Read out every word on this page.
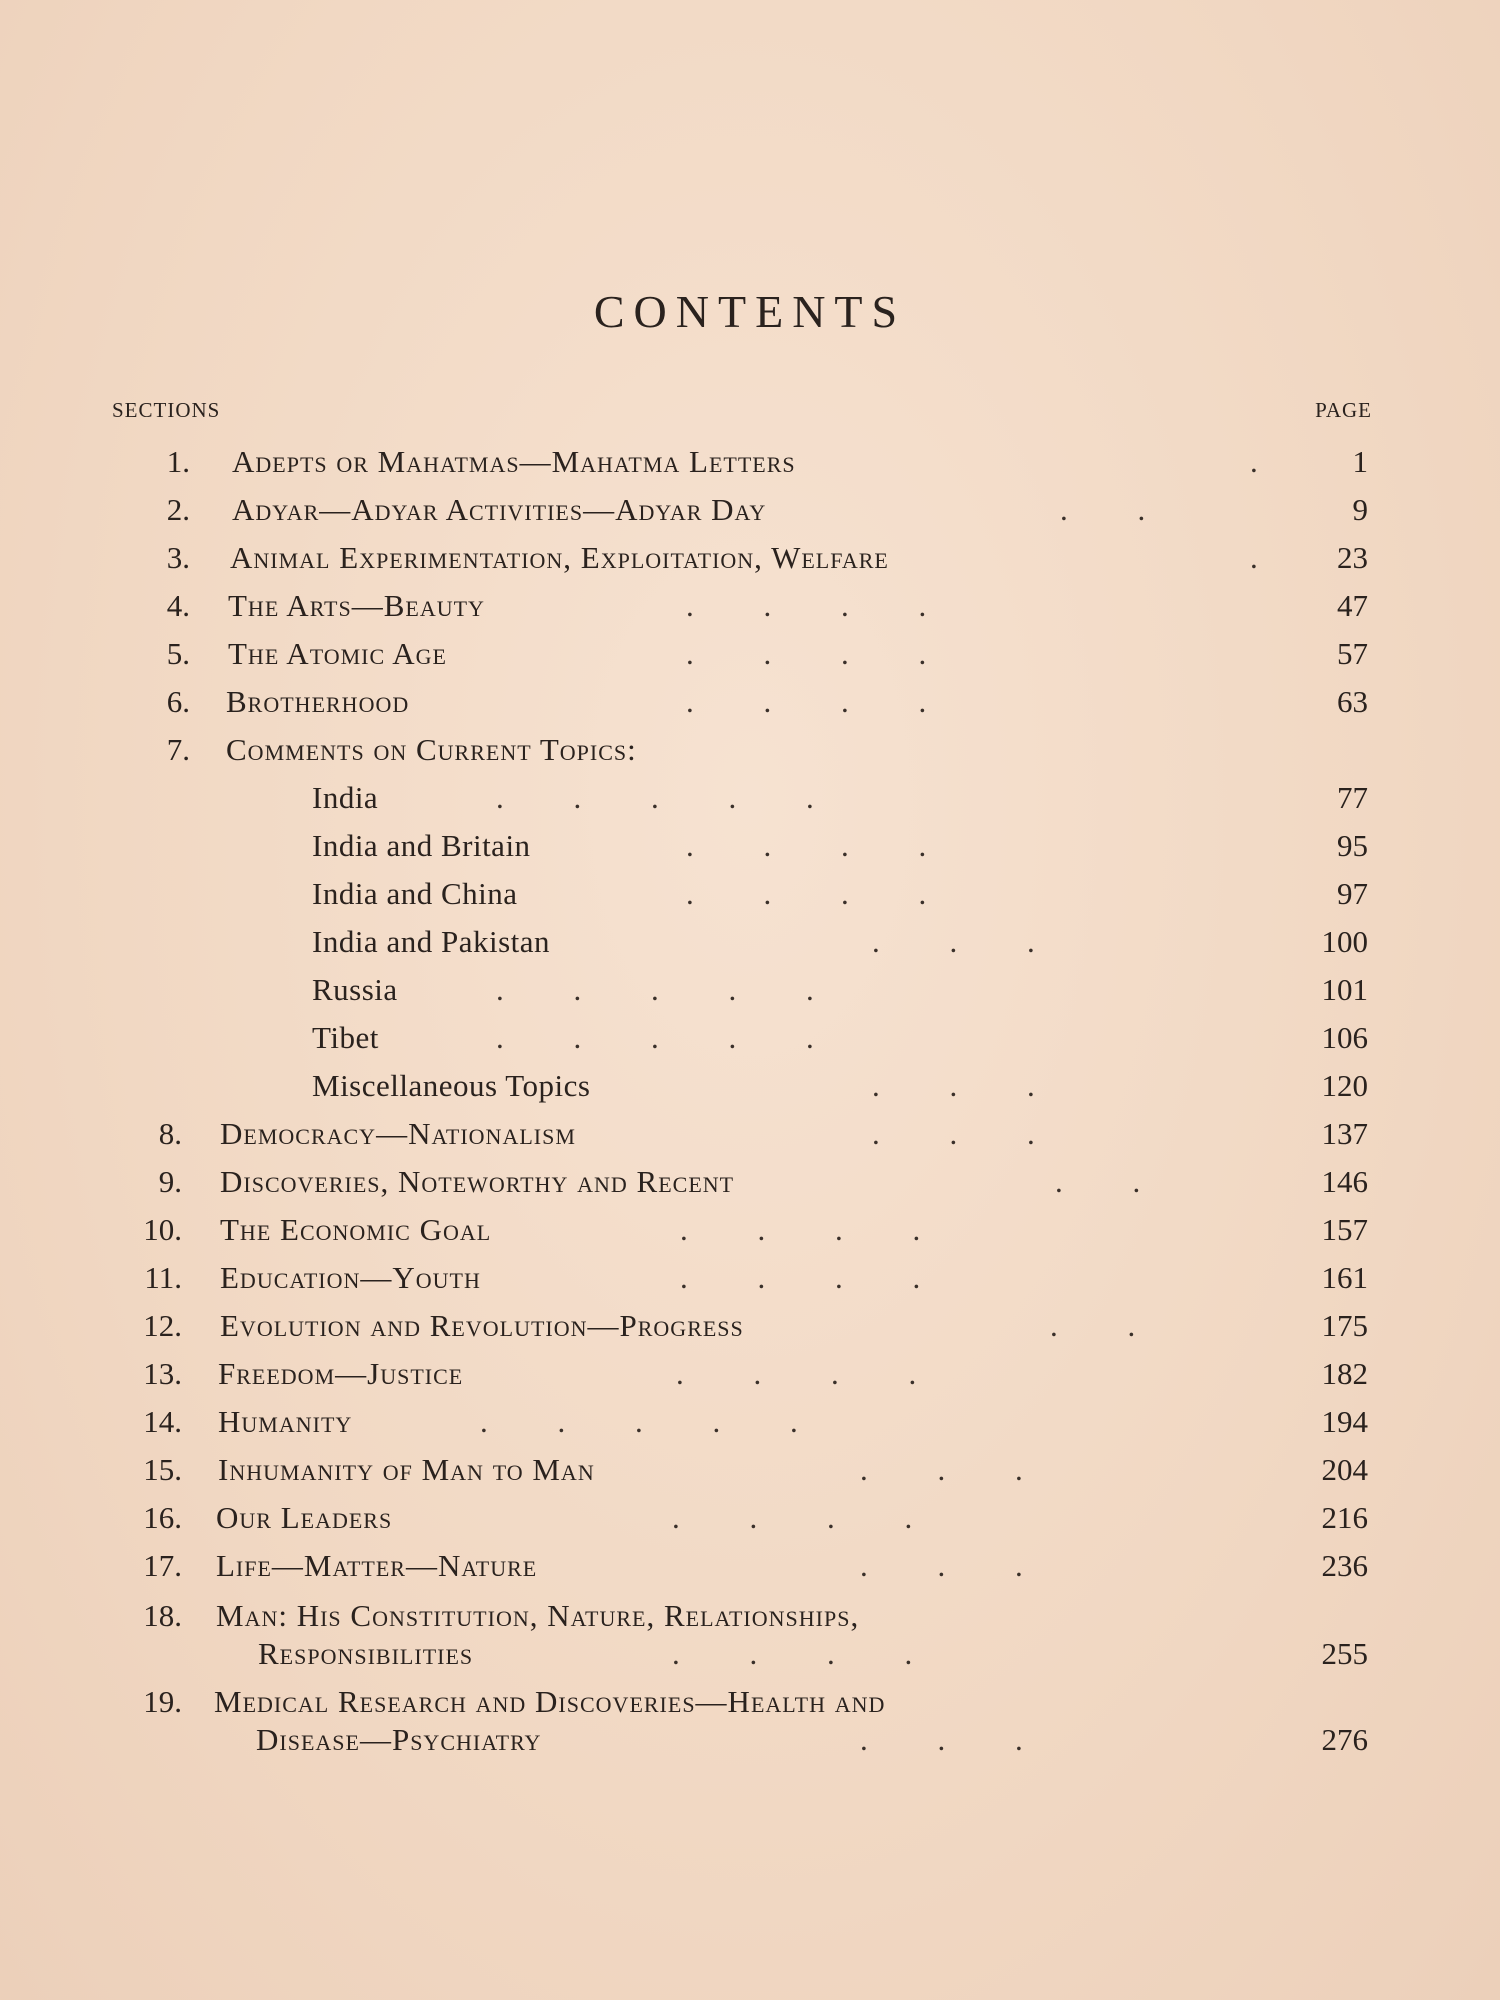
CONTENTS
SECTIONS	PAGE
1. Adepts or Mahatmas—Mahatma Letters	.	1
2. Adyar—Adyar Activities—Adyar Day	.         .	9
3. Animal Experimentation, Exploitation, Welfare	.	23
4. The Arts—Beauty	.         .         .         .	47
5. The Atomic Age	.         .         .         .	57
6. Brotherhood	.         .         .         .	63
7. Comments on Current Topics:
India	.         .         .         .         .	77
India and Britain	.         .         .         .	95
India and China	.         .         .         .	97
India and Pakistan	.         .         .	100
Russia	.         .         .         .         .	101
Tibet	.         .         .         .         .	106
Miscellaneous Topics	.         .         .	120
8. Democracy—Nationalism	.         .         .	137
9. Discoveries, Noteworthy and Recent	.         .	146
10. The Economic Goal	.         .         .         .	157
11. Education—Youth	.         .         .         .	161
12. Evolution and Revolution—Progress	.         .	175
13. Freedom—Justice	.         .         .         .	182
14. Humanity	.         .         .         .         .	194
15. Inhumanity of Man to Man	.         .         .	204
16. Our Leaders	.         .         .         .	216
17. Life—Matter—Nature	.         .         .	236
18. Man: His Constitution, Nature, Relationships,
Responsibilities	.         .         .         .	255
19. Medical Research and Discoveries—Health and
Disease—Psychiatry	.         .         .	276
